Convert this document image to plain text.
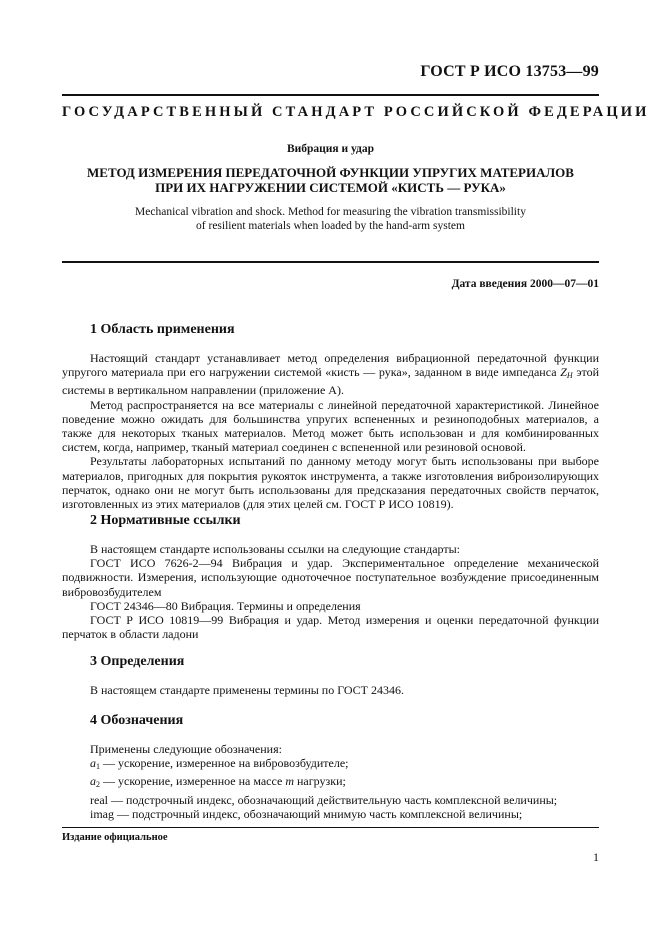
ГОСТ Р ИСО 13753—99
ГОСУДАРСТВЕННЫЙ СТАНДАРТ РОССИЙСКОЙ ФЕДЕРАЦИИ
Вибрация и удар
МЕТОД ИЗМЕРЕНИЯ ПЕРЕДАТОЧНОЙ ФУНКЦИИ УПРУГИХ МАТЕРИАЛОВ
ПРИ ИХ НАГРУЖЕНИИ СИСТЕМОЙ «КИСТЬ — РУКА»
Mechanical vibration and shock. Method for measuring the vibration transmissibility
of resilient materials when loaded by the hand-arm system
Дата введения 2000—07—01
1 Область применения

Настоящий стандарт устанавливает метод определения вибрационной передаточной функции упругого материала при его нагружении системой «кисть — рука», заданном в виде импеданса $Z_H$ этой системы в вертикальном направлении (приложение А).

Метод распространяется на все материалы с линейной передаточной характеристикой. Линейное поведение можно ожидать для большинства упругих вспененных и резиноподобных материалов, а также для некоторых тканых материалов. Метод может быть использован и для комбинированных систем, когда, например, тканый материал соединен с вспененной или резиновой основой.

Результаты лабораторных испытаний по данному методу могут быть использованы при выборе материалов, пригодных для покрытия рукояток инструмента, а также изготовления виброизолирующих перчаток, однако они не могут быть использованы для предсказания передаточных свойств перчаток, изготовленных из этих материалов (для этих целей см. ГОСТ Р ИСО 10819).

2 Нормативные ссылки

В настоящем стандарте использованы ссылки на следующие стандарты:

ГОСТ ИСО 7626-2—94 Вибрация и удар. Экспериментальное определение механической подвижности. Измерения, использующие одноточечное поступательное возбуждение присоединенным вибровозбудителем

ГОСТ 24346—80 Вибрация. Термины и определения

ГОСТ Р ИСО 10819—99 Вибрация и удар. Метод измерения и оценки передаточной функции перчаток в области ладони

3 Определения

В настоящем стандарте применены термины по ГОСТ 24346.

4 Обозначения

Применены следующие обозначения:

$a_1$ — ускорение, измеренное на вибровозбудителе;

$a_2$ — ускорение, измеренное на массе m нагрузки;

real — подстрочный индекс, обозначающий действительную часть комплексной величины;

imag — подстрочный индекс, обозначающий мнимую часть комплексной величины;

Издание официальное
1
